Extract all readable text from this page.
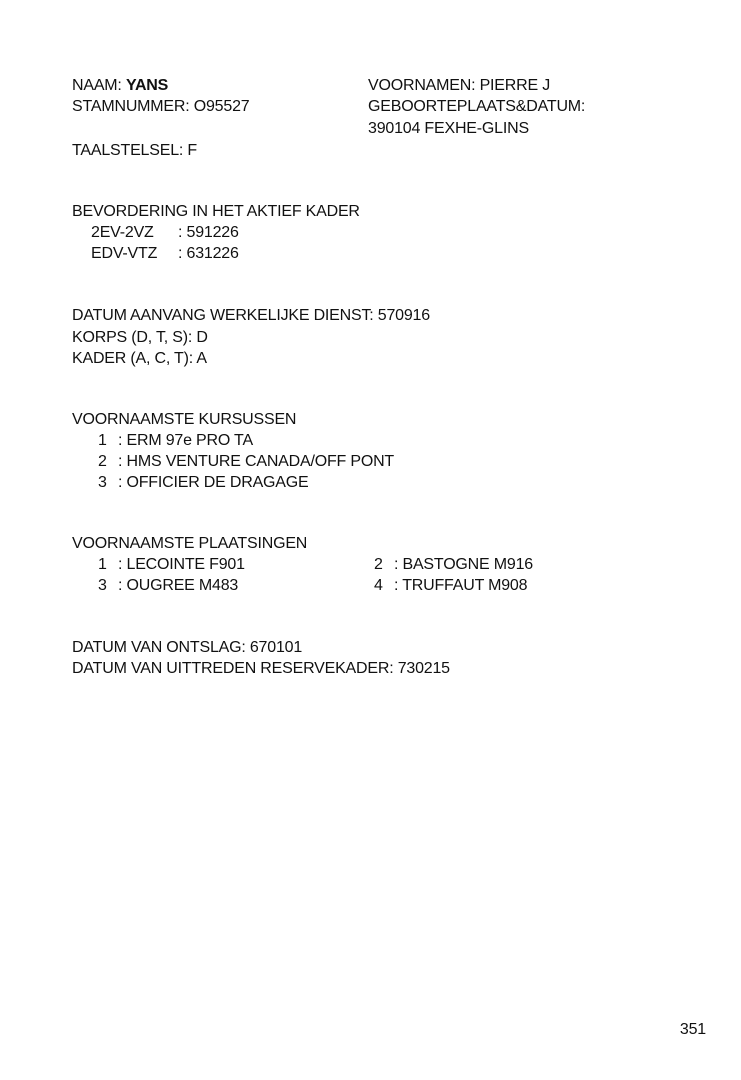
NAAM: YANS	VOORNAMEN: PIERRE J
STAMNUMMER: O95527	GEBOORTEPLAATS&DATUM:
390104 FEXHE-GLINS
TAALSTELSEL: F
BEVORDERING IN HET AKTIEF KADER
2EV-2VZ : 591226
EDV-VTZ : 631226
DATUM AANVANG WERKELIJKE DIENST: 570916
KORPS (D, T, S): D
KADER (A, C, T): A
VOORNAAMSTE KURSUSSEN
1 : ERM 97e PRO TA
2 : HMS VENTURE CANADA/OFF PONT
3 : OFFICIER DE DRAGAGE
VOORNAAMSTE PLAATSINGEN
1 : LECOINTE F901	2 : BASTOGNE M916
3 : OUGREE M483	4 : TRUFFAUT M908
DATUM VAN ONTSLAG: 670101
DATUM VAN UITTREDEN RESERVEKADER: 730215
351
